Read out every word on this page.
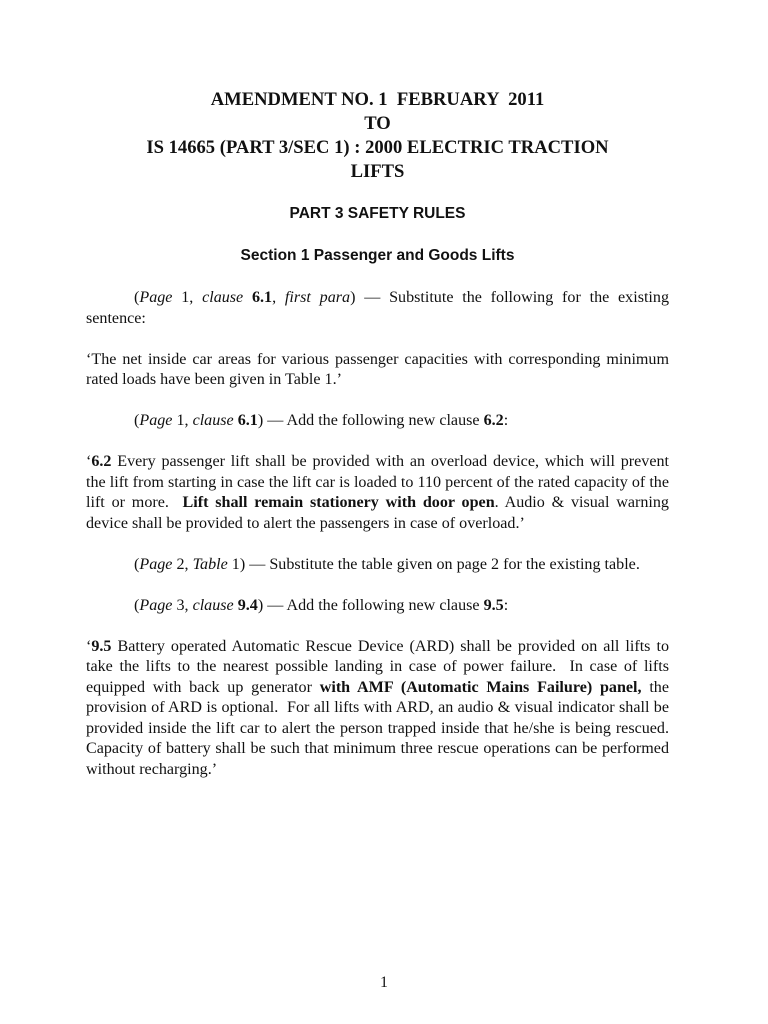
AMENDMENT NO. 1  FEBRUARY  2011

TO

IS 14665 (PART 3/SEC 1) : 2000 ELECTRIC TRACTION

LIFTS

PART 3 SAFETY RULES

Section 1 Passenger and Goods Lifts

(Page 1, clause 6.1, first para) — Substitute the following for the existing sentence:

‘The net inside car areas for various passenger capacities with corresponding minimum rated loads have been given in Table 1.’

(Page 1, clause 6.1) — Add the following new clause 6.2:

‘6.2 Every passenger lift shall be provided with an overload device, which will prevent the lift from starting in case the lift car is loaded to 110 percent of the rated capacity of the lift or more.  Lift shall remain stationery with door open. Audio & visual warning device shall be provided to alert the passengers in case of overload.’

(Page 2, Table 1) — Substitute the table given on page 2 for the existing table.

(Page 3, clause 9.4) — Add the following new clause 9.5:

‘9.5 Battery operated Automatic Rescue Device (ARD) shall be provided on all lifts to take the lifts to the nearest possible landing in case of power failure.  In case of lifts equipped with back up generator with AMF (Automatic Mains Failure) panel, the provision of ARD is optional.  For all lifts with ARD, an audio & visual indicator shall be provided inside the lift car to alert the person trapped inside that he/she is being rescued.  Capacity of battery shall be such that minimum three rescue operations can be performed without recharging.’

1
